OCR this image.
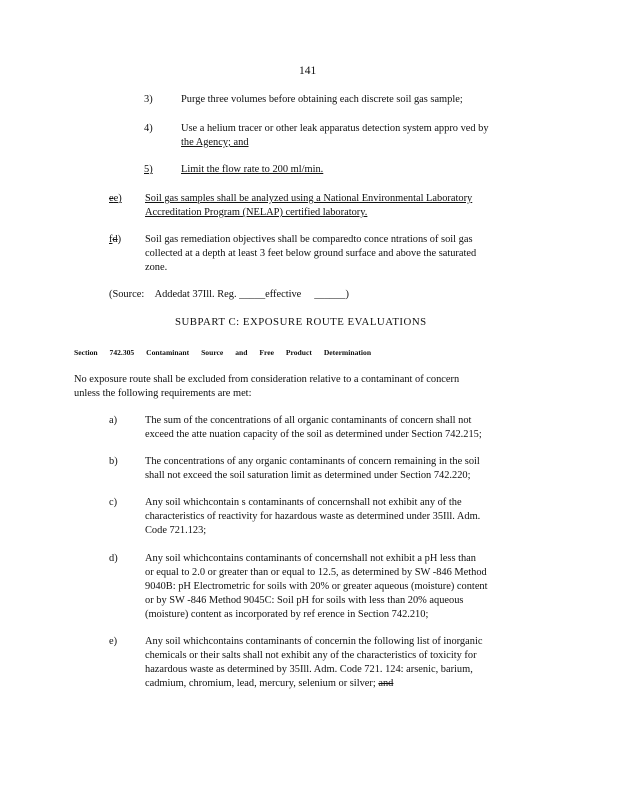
141
3)	Purge three volumes before obtaining each discrete soil gas sample;
4)	Use a helium tracer or other leak apparatus detection system appro ved by
the Agency; and
5)	Limit the flow rate to 200 ml/min.
ee) Soil gas samples shall be analyzed using a National Environmental Laboratory
Accreditation Program (NELAP) certified laboratory.
fd) Soil gas remediation objectives shall be comparedto conce ntrations of soil gas
collected at a depth at least 3 feet below ground surface and above the saturated
zone.
(Source: Addedat 37Ill. Reg. _____effective ______)
SUBPART C: EXPOSURE ROUTE EVALUATIONS
Section 742.305 Contaminant Source and Free Product Determination
No exposure route shall be excluded from consideration relative to a contaminant of concern
unless the following requirements are met:
a)	The sum of the concentrations of all organic contaminants of concern shall not
exceed the atte nuation capacity of the soil as determined under Section 742.215;
b)	The concentrations of any organic contaminants of concern remaining in the soil
shall not exceed the soil saturation limit as determined under Section 742.220;
c)	Any soil whichcontain s contaminants of concernshall not exhibit any of the
characteristics of reactivity for hazardous waste as determined under 35Ill. Adm.
Code 721.123;
d)	Any soil whichcontains contaminants of concernshall not exhibit a pH less than
or equal to 2.0 or greater than or equal to 12.5, as determined by SW -846 Method
9040B: pH Electrometric for soils with 20% or greater aqueous (moisture) content
or by SW -846 Method 9045C: Soil pH for soils with less than 20% aqueous
(moisture) content as incorporated by ref erence in Section 742.210;
e)	Any soil whichcontains contaminants of concernin the following list of inorganic
chemicals or their salts shall not exhibit any of the characteristics of toxicity for
hazardous waste as determined by 35Ill. Adm. Code 721. 124: arsenic, barium,
cadmium, chromium, lead, mercury, selenium or silver; and
